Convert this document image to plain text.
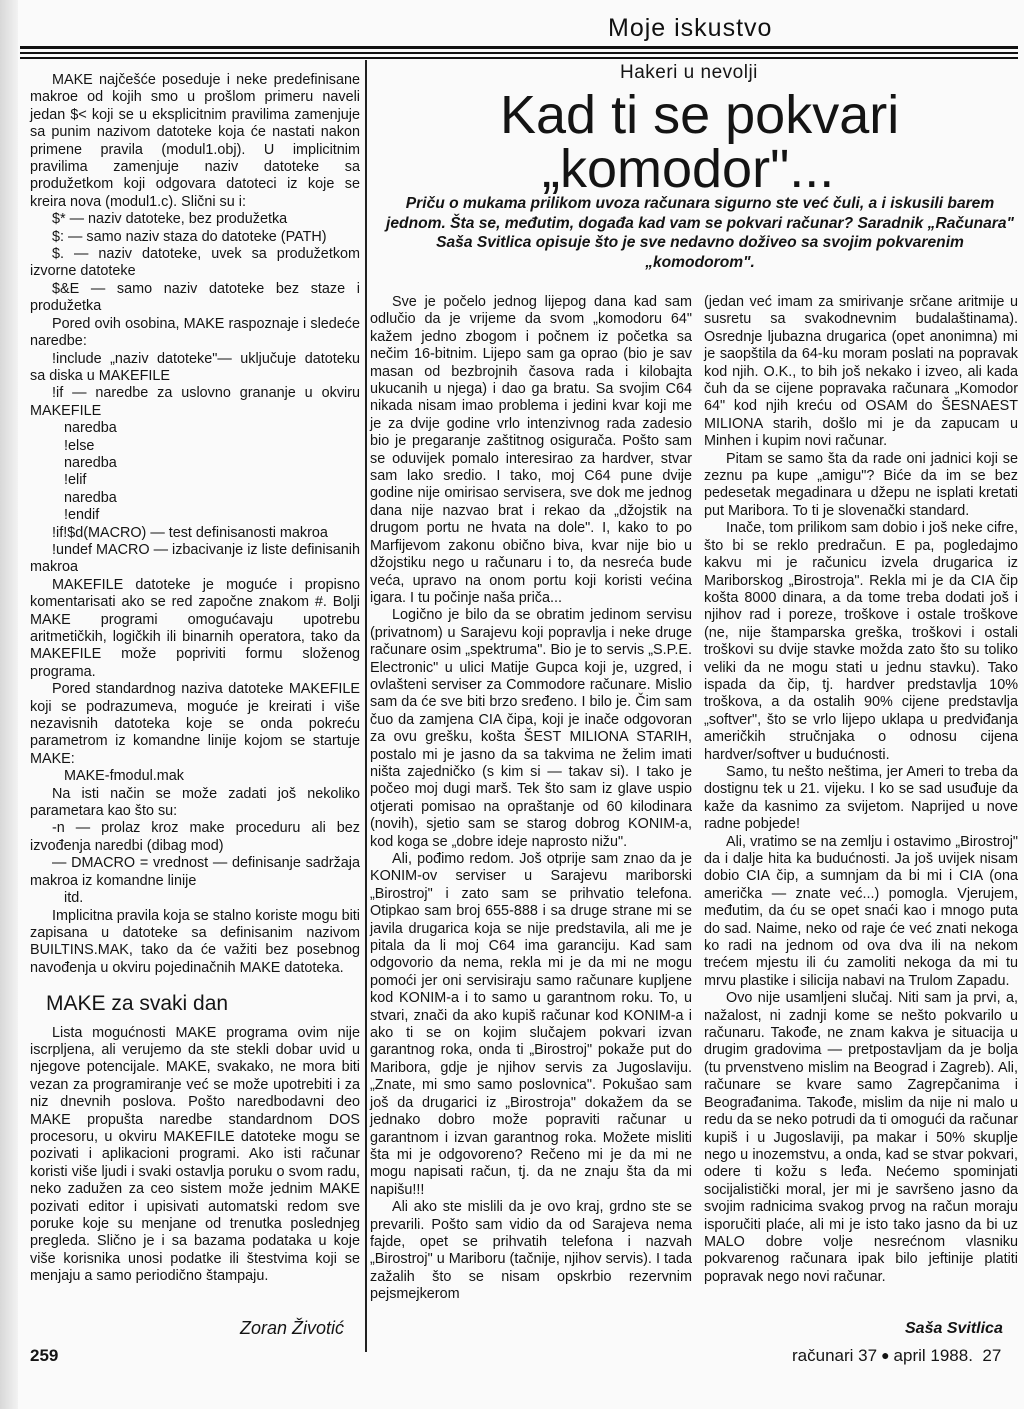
Moje iskustvo

MAKE najčešće poseduje i neke predefinisane makroe od kojih smo u prošlom primeru naveli jedan $< koji se u eksplicitnim pravilima zamenjuje sa punim nazivom datoteke koja će nastati nakon primene pravila (modul1.obj). U implicitnim pravilima zamenjuje naziv datoteke sa produžetkom koji odgovara datoteci iz koje se kreira nova (modul1.c). Slični su i:

$* — naziv datoteke, bez produžetka

$: — samo naziv staza do datoteke (PATH)

$. — naziv datoteke, uvek sa produžetkom izvorne datoteke

$&E — samo naziv datoteke bez staze i produžetka

Pored ovih osobina, MAKE raspoznaje i sledeće naredbe:

!include „naziv datoteke"— uključuje datoteku sa diska u MAKEFILE

!if — naredbe za uslovno grananje u okviru MAKEFILE

naredba

!else

naredba

!elif

naredba

!endif

!if!$d(MACRO) — test definisanosti makroa

!undef MACRO — izbacivanje iz liste definisanih makroa

MAKEFILE datoteke je moguće i propisno komentarisati ako se red započne znakom #. Bolji MAKE programi omogućavaju upotrebu aritmetičkih, logičkih ili binarnih operatora, tako da MAKEFILE može popriviti formu složenog programa.

Pored standardnog naziva datoteke MAKEFILE koji se podrazumeva, moguće je kreirati i više nezavisnih datoteka koje se onda pokreću parametrom iz komandne linije kojom se startuje MAKE:

MAKE-fmodul.mak

Na isti način se može zadati još nekoliko parametara kao što su:

-n — prolaz kroz make proceduru ali bez izvođenja naredbi (dibag mod)

— DMACRO = vrednost — definisanje sadržaja makroa iz komandne linije

itd.

Implicitna pravila koja se stalno koriste mogu biti zapisana u datoteke sa definisanim nazivom BUILTINS.MAK, tako da će važiti bez posebnog navođenja u okviru pojedinačnih MAKE datoteka.

MAKE za svaki dan

Lista mogućnosti MAKE programa ovim nije iscrpljena, ali verujemo da ste stekli dobar uvid u njegove potencijale. MAKE, svakako, ne mora biti vezan za programiranje već se može upotrebiti i za niz dnevnih poslova. Pošto naredbodavni deo MAKE propušta naredbe standardnom DOS procesoru, u okviru MAKEFILE datoteke mogu se pozivati i aplikacioni programi. Ako isti računar koristi više ljudi i svaki ostavlja poruku o svom radu, neko zadužen za ceo sistem može jednim MAKE pozivati editor i upisivati automatski redom sve poruke koje su menjane od trenutka poslednjeg pregleda. Slično je i sa bazama podataka u koje više korisnika unosi podatke ili štestvima koji se menjaju a samo periodično štampaju.

Zoran Životić
259
Hakeri u nevolji
Kad ti se pokvari
„komodor"...
Priču o mukama prilikom uvoza računara sigurno ste već čuli, a i iskusili barem jednom. Šta se, međutim, događa kad vam se pokvari računar? Saradnik „Računara" Saša Svitlica opisuje što je sve nedavno doživeo sa svojim pokvarenim „komodorom".

Sve je počelo jednog lijepog dana kad sam odlučio da je vrijeme da svom „komodoru 64" kažem jedno zbogom i počnem iz početka sa nečim 16-bitnim. Lijepo sam ga oprao (bio je sav masan od bezbrojnih časova rada i kilobajta ukucanih u njega) i dao ga bratu. Sa svojim C64 nikada nisam imao problema i jedini kvar koji me je za dvije godine vrlo intenzivnog rada zadesio bio je pregaranje zaštitnog osigurača. Pošto sam se oduvijek pomalo interesirao za hardver, stvar sam lako sredio. I tako, moj C64 pune dvije godine nije omirisao servisera, sve dok me jednog dana nije nazvao brat i rekao da „džojstik na drugom portu ne hvata na dole". I, kako to po Marfijevom zakonu obično biva, kvar nije bio u džojstiku nego u računaru i to, da nesreća bude veća, upravo na onom portu koji koristi većina igara. I tu počinje naša priča...

Logično je bilo da se obratim jedinom servisu (privatnom) u Sarajevu koji popravlja i neke druge računare osim „spektruma". Bio je to servis „S.P.E. Electronic" u ulici Matije Gupca koji je, uzgred, i ovlašteni serviser za Commodore računare. Mislio sam da će sve biti brzo sređeno. I bilo je. Čim sam čuo da zamjena CIA čipa, koji je inače odgovoran za ovu grešku, košta ŠEST MILIONA STARIH, postalo mi je jasno da sa takvima ne želim imati ništa zajedničko (s kim si — takav si). I tako je počeo moj dugi marš. Tek što sam iz glave uspio otjerati pomisao na opraštanje od 60 kilodinara (novih), sjetio sam se starog dobrog KONIM-a, kod koga se „dobre ideje naprosto nižu".

Ali, pođimo redom. Još otprije sam znao da je KONIM-ov serviser u Sarajevu mariborski „Birostroj" i zato sam se prihvatio telefona. Otipkao sam broj 655-888 i sa druge strane mi se javila drugarica koja se nije predstavila, ali me je pitala da li moj C64 ima garanciju. Kad sam odgovorio da nema, rekla mi je da mi ne mogu pomoći jer oni servisiraju samo računare kupljene kod KONIM-a i to samo u garantnom roku. To, u stvari, znači da ako kupiš računar kod KONIM-a i ako ti se on kojim slučajem pokvari izvan garantnog roka, onda ti „Birostroj" pokaže put do Maribora, gdje je njihov servis za Jugoslaviju. „Znate, mi smo samo poslovnica". Pokušao sam još da drugarici iz „Birostroja" dokažem da se jednako dobro može popraviti računar u garantnom i izvan garantnog roka. Možete misliti šta mi je odgovoreno? Rečeno mi je da mi ne mogu napisati račun, tj. da ne znaju šta da mi napišu!!!

Ali ako ste mislili da je ovo kraj, grdno ste se prevarili. Pošto sam vidio da od Sarajeva nema fajde, opet se prihvatih telefona i nazvah „Birostroj" u Mariboru (tačnije, njihov servis). I tada zažalih što se nisam opskrbio rezervnim pejsmejkerom

(jedan već imam za smirivanje srčane aritmije u susretu sa svakodnevnim budalaštinama). Osrednje ljubazna drugarica (opet anonimna) mi je saopštila da 64-ku moram poslati na popravak kod njih. O.K., to bih još nekako i izveo, ali kada čuh da se cijene popravaka računara „Komodor 64" kod njih kreću od OSAM do ŠESNAEST MILIONA starih, došlo mi je da zapucam u Minhen i kupim novi računar.

Pitam se samo šta da rade oni jadnici koji se zeznu pa kupe „amigu"? Biće da im se bez pedesetak megadinara u džepu ne isplati kretati put Maribora. To ti je slovenački standard.

Inače, tom prilikom sam dobio i još neke cifre, što bi se reklo predračun. E pa, pogledajmo kakvu mi je računicu izvela drugarica iz Mariborskog „Birostroja". Rekla mi je da CIA čip košta 8000 dinara, a da tome treba dodati još i njihov rad i poreze, troškove i ostale troškove (ne, nije štamparska greška, troškovi i ostali troškovi su dvije stavke možda zato što su toliko veliki da ne mogu stati u jednu stavku). Tako ispada da čip, tj. hardver predstavlja 10% troškova, a da ostalih 90% cijene predstavlja „softver", što se vrlo lijepo uklapa u predviđanja američkih stručnjaka o odnosu cijena hardver/softver u budućnosti.

Samo, tu nešto neštima, jer Ameri to treba da dostignu tek u 21. vijeku. I ko se sad usuđuje da kaže da kasnimo za svijetom. Naprijed u nove radne pobjede!

Ali, vratimo se na zemlju i ostavimo „Birostroj" da i dalje hita ka budućnosti. Ja još uvijek nisam dobio CIA čip, a sumnjam da bi mi i CIA (ona američka — znate već...) pomogla. Vjerujem, međutim, da ću se opet snaći kao i mnogo puta do sad. Naime, neko od raje će već znati nekoga ko radi na jednom od ova dva ili na nekom trećem mjestu ili ću zamoliti nekoga da mi tu mrvu plastike i silicija nabavi na Trulom Zapadu.

Ovo nije usamljeni slučaj. Niti sam ja prvi, a, nažalost, ni zadnji kome se nešto pokvarilo u računaru. Takođe, ne znam kakva je situacija u drugim gradovima — pretpostavljam da je bolja (tu prvenstveno mislim na Beograd i Zagreb). Ali, računare se kvare samo Zagrepčanima i Beograđanima. Takođe, mislim da nije ni malo u redu da se neko potrudi da ti omogući da računar kupiš i u Jugoslaviji, pa makar i 50% skuplje nego u inozemstvu, a onda, kad se stvar pokvari, odere ti kožu s leđa. Nećemo spominjati socijalistički moral, jer mi je savršeno jasno da svojim radnicima svakog prvog na račun moraju isporučiti plaće, ali mi je isto tako jasno da bi uz MALO dobre volje nesrećnom vlasniku pokvarenog računara ipak bilo jeftinije platiti popravak nego novi računar.

Saša Svitlica
računari 37 ● april 1988. 27
